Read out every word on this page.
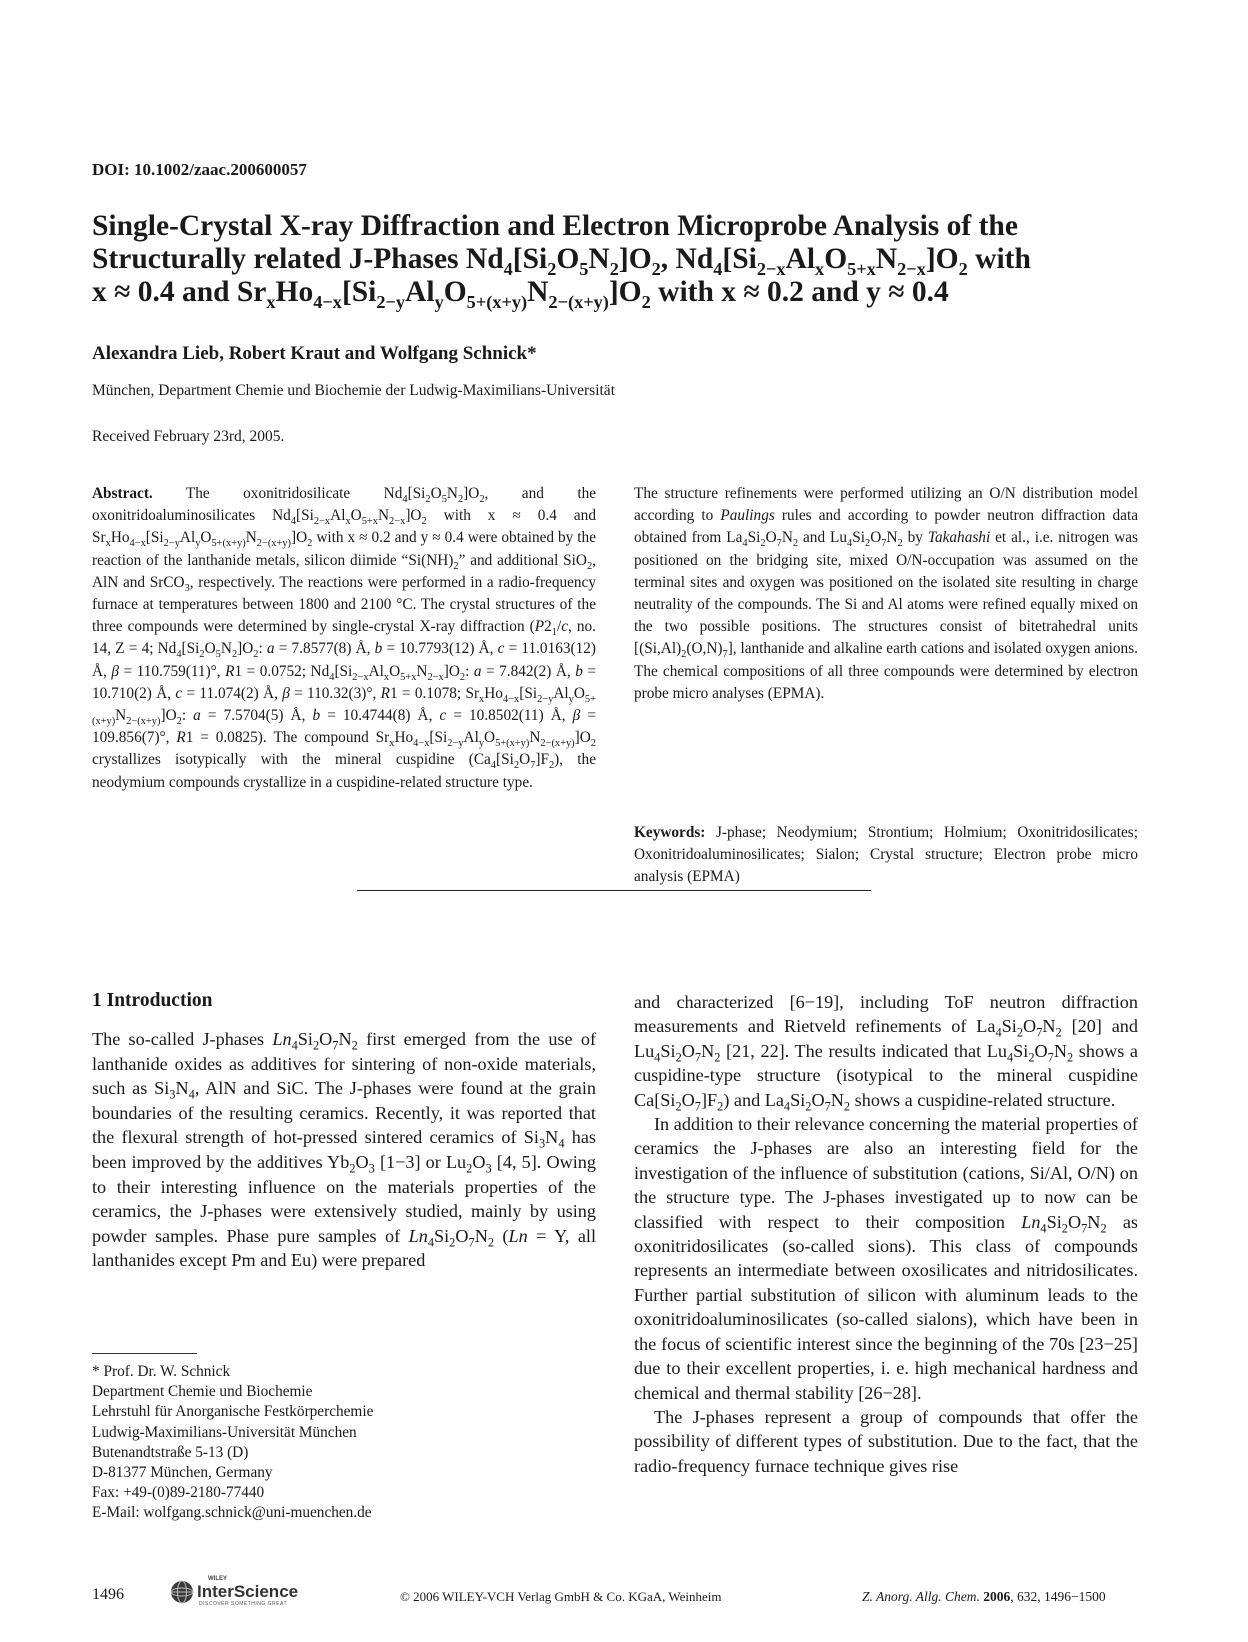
DOI: 10.1002/zaac.200600057
Single-Crystal X-ray Diffraction and Electron Microprobe Analysis of the
Structurally related J-Phases $Nd_4[Si_2O_5N_2]O_2$, $Nd_4[Si_{2-x}Al_xO_{5+x}N_{2-x}]O_2$ with
x ≈ 0.4 and $Sr_xHo_{4-x}[Si_{2-y}Al_yO_{5+(x+y)}N_{2-(x+y)}]O_2$ with x ≈ 0.2 and y ≈ 0.4
Alexandra Lieb, Robert Kraut and Wolfgang Schnick*
München, Department Chemie und Biochemie der Ludwig-Maximilians-Universität
Received February 23rd, 2005.
Abstract. The oxonitridosilicate $Nd_4[Si_2O_5N_2]O_2$, and the oxonitridoaluminosilicates $Nd_4[Si_{2-x}Al_xO_{5+x}N_{2-x}]O_2$ with x ≈ 0.4 and $Sr_xHo_{4-x}[Si_{2-y}Al_yO_{5+(x+y)}N_{2-(x+y)}]O_2$ with x ≈ 0.2 and y ≈ 0.4 were obtained by the reaction of the lanthanide metals, silicon diimide “$Si(NH)_2$” and additional SiO$_2$, AlN and SrCO$_3$, respectively. The reactions were performed in a radio-frequency furnace at temperatures between 1800 and 2100 °C. The crystal structures of the three compounds were determined by single-crystal X-ray diffraction ($P2_1/c$, no. 14, Z = 4; $Nd_4[Si_2O_5N_2]O_2$: a = 7.8577(8) Å, b = 10.7793(12) Å, c = 11.0163(12) Å, β = 110.759(11)°, R1 = 0.0752; $Nd_4[Si_{2-x}Al_xO_{5+x}N_{2-x}]O_2$: a = 7.842(2) Å, b = 10.710(2) Å, c = 11.074(2) Å, β = 110.32(3)°, R1 = 0.1078; $Sr_xHo_{4-x}[Si_{2-y}Al_yO_{5+(x+y)}N_{2-(x+y)}]O_2$: a = 7.5704(5) Å, b = 10.4744(8) Å, c = 10.8502(11) Å, β = 109.856(7)°, R1 = 0.0825). The compound $Sr_xHo_{4-x}[Si_{2-y}Al_yO_{5+(x+y)}N_{2-(x+y)}]O_2$ crystallizes isotypically with the mineral cuspidine $(Ca_4[Si_2O_7]F_2)$, the neodymium compounds crystallize in a cuspidine-related structure type.
The structure refinements were performed utilizing an O/N distribution model according to Paulings rules and according to powder neutron diffraction data obtained from $La_4Si_2O_7N_2$ and $Lu_4Si_2O_7N_2$ by Takahashi et al., i.e. nitrogen was positioned on the bridging site, mixed O/N-occupation was assumed on the terminal sites and oxygen was positioned on the isolated site resulting in charge neutrality of the compounds. The Si and Al atoms were refined equally mixed on the two possible positions. The structures consist of bitetrahedral units $[(Si,Al)_2(O,N)_7]$, lanthanide and alkaline earth cations and isolated oxygen anions. The chemical compositions of all three compounds were determined by electron probe micro analyses (EPMA).
Keywords: J-phase; Neodymium; Strontium; Holmium; Oxonitridosilicates; Oxonitridoaluminosilicates; Sialon; Crystal structure; Electron probe micro analysis (EPMA)
1 Introduction
The so-called J-phases $Ln_4Si_2O_7N_2$ first emerged from the use of lanthanide oxides as additives for sintering of non-oxide materials, such as $Si_3N_4$, AlN and SiC. The J-phases were found at the grain boundaries of the resulting ceramics. Recently, it was reported that the flexural strength of hot-pressed sintered ceramics of $Si_3N_4$ has been improved by the additives $Yb_2O_3$ [1−3] or $Lu_2O_3$ [4, 5]. Owing to their interesting influence on the materials properties of the ceramics, the J-phases were extensively studied, mainly by using powder samples. Phase pure samples of $Ln_4Si_2O_7N_2$ (Ln = Y, all lanthanides except Pm and Eu) were prepared

and characterized [6−19], including ToF neutron diffraction measurements and Rietveld refinements of $La_4Si_2O_7N_2$ [20] and $Lu_4Si_2O_7N_2$ [21, 22]. The results indicated that $Lu_4Si_2O_7N_2$ shows a cuspidine-type structure (isotypical to the mineral cuspidine $Ca[Si_2O_7]F_2$) and $La_4Si_2O_7N_2$ shows a cuspidine-related structure.

In addition to their relevance concerning the material properties of ceramics the J-phases are also an interesting field for the investigation of the influence of substitution (cations, Si/Al, O/N) on the structure type. The J-phases investigated up to now can be classified with respect to their composition $Ln_4Si_2O_7N_2$ as oxonitridosilicates (so-called sions). This class of compounds represents an intermediate between oxosilicates and nitridosilicates. Further partial substitution of silicon with aluminum leads to the oxonitridoaluminosilicates (so-called sialons), which have been in the focus of scientific interest since the beginning of the 70s [23−25] due to their excellent properties, i. e. high mechanical hardness and chemical and thermal stability [26−28].

The J-phases represent a group of compounds that offer the possibility of different types of substitution. Due to the fact, that the radio-frequency furnace technique gives rise

* Prof. Dr. W. Schnick
Department Chemie und Biochemie
Lehrstuhl für Anorganische Festkörperchemie
Ludwig-Maximilians-Universität München
Butenandtstraße 5-13 (D)
D-81377 München, Germany
Fax: +49-(0)89-2180-77440
E-Mail: wolfgang.schnick@uni-muenchen.de
1496
WILEY
InterScience
DISCOVER SOMETHING GREAT	© 2006 WILEY-VCH Verlag GmbH & Co. KGaA, Weinheim	Z. Anorg. Allg. Chem. 2006, 632, 1496−1500
